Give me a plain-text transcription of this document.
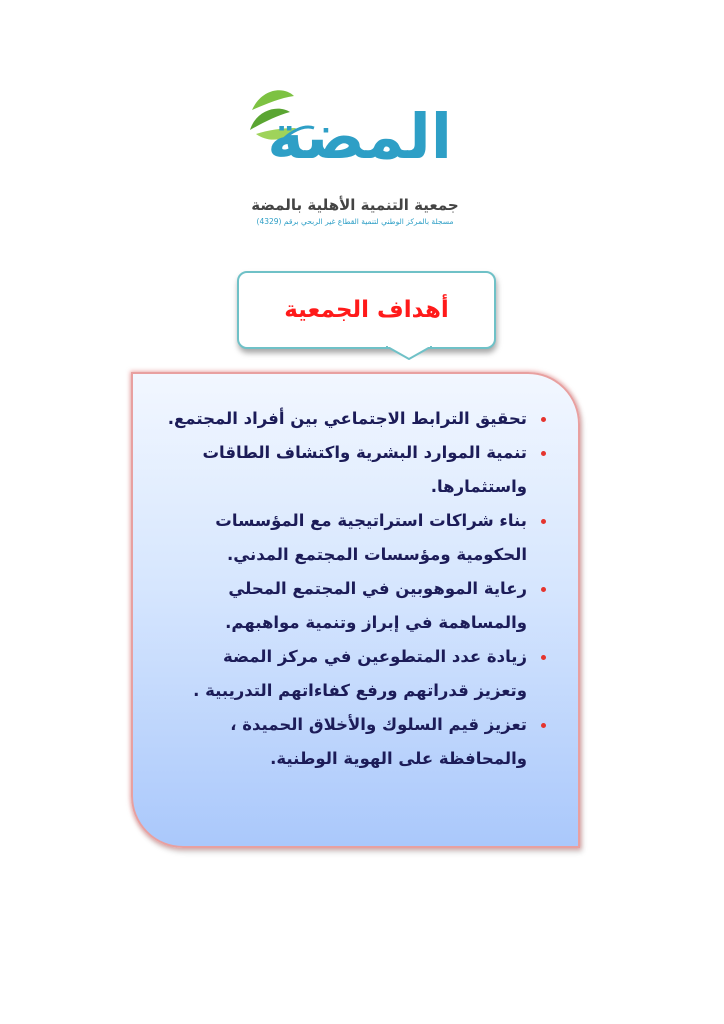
المضة
جمعية التنمية الأهلية بالمضة
مسجلة بالمركز الوطني لتنمية القطاع غير الربحي برقم (4329)
أهداف الجمعية
تحقيق الترابط الاجتماعي بين أفراد المجتمع.
تنمية الموارد البشرية واكتشاف الطاقات واستثمارها.
بناء شراكات استراتيجية مع المؤسسات الحكومية ومؤسسات المجتمع المدني.
رعاية الموهوبين في المجتمع المحلي والمساهمة في إبراز وتنمية مواهبهم.
زيادة عدد المتطوعين في مركز المضة وتعزيز قدراتهم ورفع كفاءاتهم التدريبية .
تعزيز قيم السلوك والأخلاق الحميدة ، والمحافظة على الهوية الوطنية.
